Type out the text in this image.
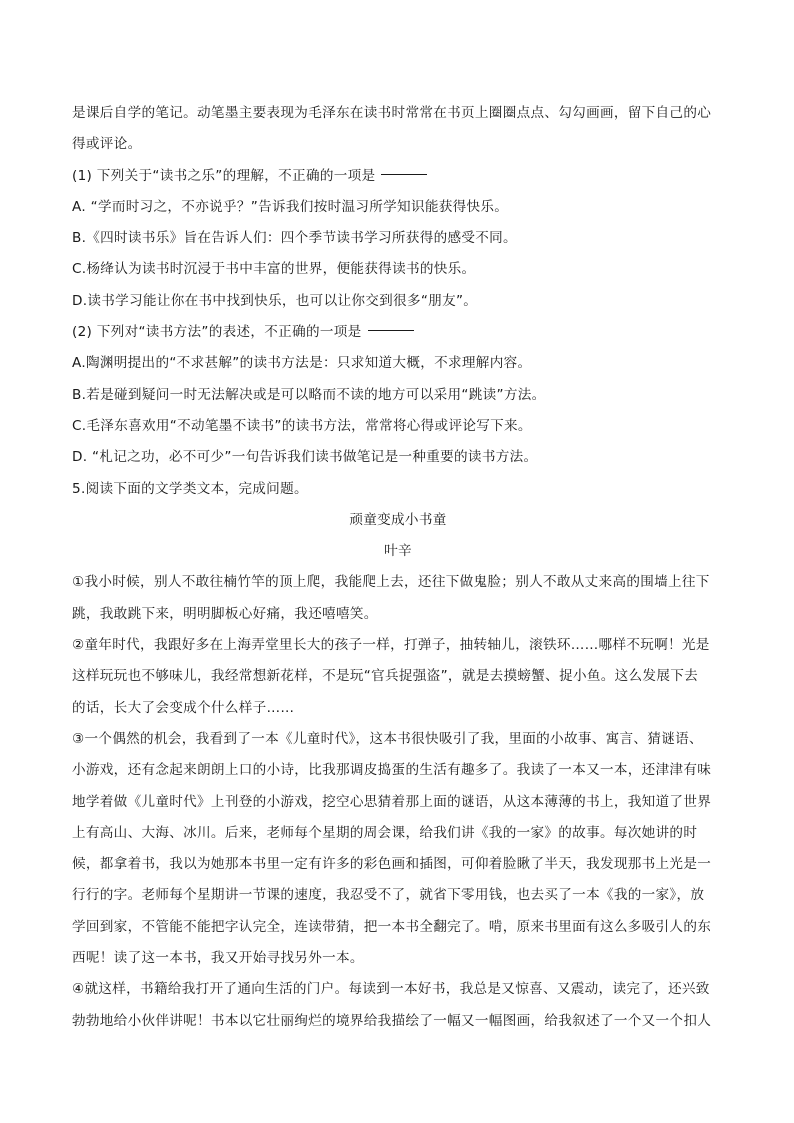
是课后自学的笔记。动笔墨主要表现为毛泽东在读书时常常在书页上圈圈点点、勾勾画画，留下自己的心
得或评论。
(1) 下列关于“读书之乐”的理解，不正确的一项是
A. “学而时习之，不亦说乎？”告诉我们按时温习所学知识能获得快乐。
B.《四时读书乐》旨在告诉人们：四个季节读书学习所获得的感受不同。
C.杨绛认为读书时沉浸于书中丰富的世界，便能获得读书的快乐。
D.读书学习能让你在书中找到快乐，也可以让你交到很多“朋友”。
(2) 下列对“读书方法”的表述，不正确的一项是
A.陶渊明提出的“不求甚解”的读书方法是：只求知道大概，不求理解内容。
B.若是碰到疑问一时无法解决或是可以略而不读的地方可以采用“跳读”方法。
C.毛泽东喜欢用“不动笔墨不读书”的读书方法，常常将心得或评论写下来。
D. “札记之功，必不可少”一句告诉我们读书做笔记是一种重要的读书方法。
5.阅读下面的文学类文本，完成问题。
顽童变成小书童
叶辛
①我小时候，别人不敢往楠竹竿的顶上爬，我能爬上去，还往下做鬼脸；别人不敢从丈来高的围墙上往下
跳，我敢跳下来，明明脚板心好痛，我还嘻嘻笑。
②童年时代，我跟好多在上海弄堂里长大的孩子一样，打弹子，抽转轴儿，滚铁环……哪样不玩啊！光是
这样玩玩也不够味儿，我经常想新花样，不是玩“官兵捉强盗”，就是去摸螃蟹、捉小鱼。这么发展下去
的话，长大了会变成个什么样子……
③一个偶然的机会，我看到了一本《儿童时代》，这本书很快吸引了我，里面的小故事、寓言、猜谜语、
小游戏，还有念起来朗朗上口的小诗，比我那调皮捣蛋的生活有趣多了。我读了一本又一本，还津津有味
地学着做《儿童时代》上刊登的小游戏，挖空心思猜着那上面的谜语，从这本薄薄的书上，我知道了世界
上有高山、大海、冰川。后来，老师每个星期的周会课，给我们讲《我的一家》的故事。每次她讲的时
候，都拿着书，我以为她那本书里一定有许多的彩色画和插图，可仰着脸瞅了半天，我发现那书上光是一
行行的字。老师每个星期讲一节课的速度，我忍受不了，就省下零用钱，也去买了一本《我的一家》，放
学回到家，不管能不能把字认完全，连读带猜，把一本书全翻完了。啃，原来书里面有这么多吸引人的东
西呢！读了这一本书，我又开始寻找另外一本。
④就这样，书籍给我打开了通向生活的门户。每读到一本好书，我总是又惊喜、又震动，读完了，还兴致
勃勃地给小伙伴讲呢！书本以它壮丽绚烂的境界给我描绘了一幅又一幅图画，给我叙述了一个又一个扣人
